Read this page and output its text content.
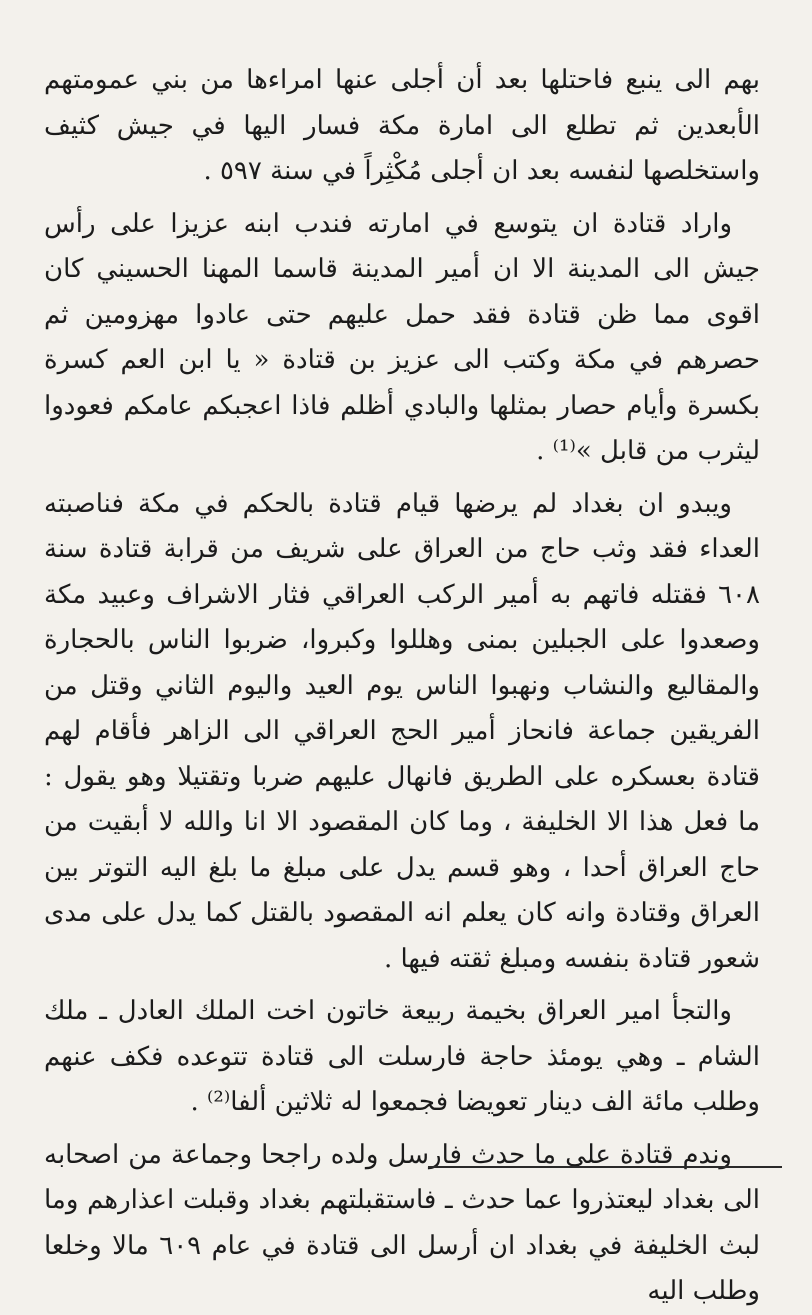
بهم الى ينبع فاحتلها بعد أن أجلى عنها امراءها من بني عمومتهم الأبعدين ثم تطلع الى امارة مكة فسار اليها في جيش كثيف واستخلصها لنفسه بعد ان أجلى مُكْثِراً في سنة ٥٩٧ .

واراد قتادة ان يتوسع في امارته فندب ابنه عزيزا على رأس جيش الى المدينة الا ان أمير المدينة قاسما المهنا الحسيني كان اقوى مما ظن قتادة فقد حمل عليهم حتى عادوا مهزومين ثم حصرهم في مكة وكتب الى عزيز بن قتادة « يا ابن العم كسرة بكسرة وأيام حصار بمثلها والبادي أظلم فاذا اعجبكم عامكم فعودوا ليثرب من قابل »⁽¹⁾ .

ويبدو ان بغداد لم يرضها قيام قتادة بالحكم في مكة فناصبته العداء فقد وثب حاج من العراق على شريف من قرابة قتادة سنة ٦٠٨ فقتله فاتهم به أمير الركب العراقي فثار الاشراف وعبيد مكة وصعدوا على الجبلين بمنى وهللوا وكبروا، ضربوا الناس بالحجارة والمقاليع والنشاب ونهبوا الناس يوم العيد واليوم الثاني وقتل من الفريقين جماعة فانحاز أمير الحج العراقي الى الزاهر فأقام لهم قتادة بعسكره على الطريق فانهال عليهم ضربا وتقتيلا وهو يقول : ما فعل هذا الا الخليفة ، وما كان المقصود الا انا والله لا أبقيت من حاج العراق أحدا ، وهو قسم يدل على مبلغ ما بلغ اليه التوتر بين العراق وقتادة وانه كان يعلم انه المقصود بالقتل كما يدل على مدى شعور قتادة بنفسه ومبلغ ثقته فيها .

والتجأ امير العراق بخيمة ربيعة خاتون اخت الملك العادل ـ ملك الشام ـ وهي يومئذ حاجة فارسلت الى قتادة تتوعده فكف عنهم وطلب مائة الف دينار تعويضا فجمعوا له ثلاثين ألفا⁽²⁾ .

وندم قتادة على ما حدث فارسل ولده راجحا وجماعة من اصحابه الى بغداد ليعتذروا عما حدث ـ فاستقبلتهم بغداد وقبلت اعذارهم وما لبث الخليفة في بغداد ان أرسل الى قتادة في عام ٦٠٩ مالا وخلعا وطلب اليه
